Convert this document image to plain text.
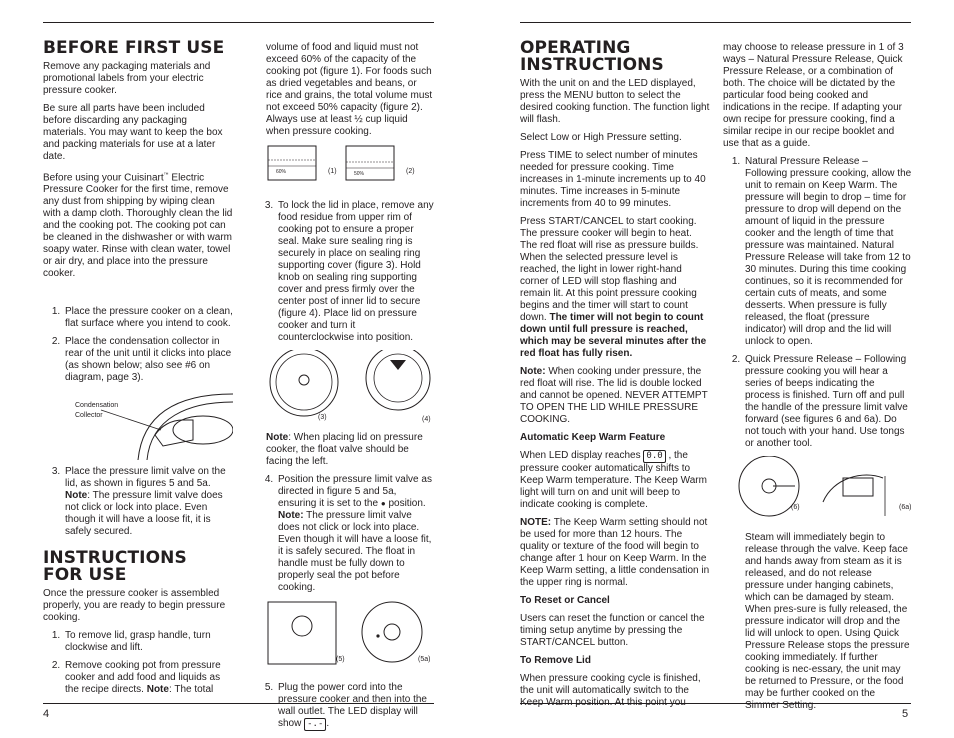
BEFORE FIRST USE

Remove any packaging materials and promotional labels from your electric pressure cooker.

Be sure all parts have been included before discarding any packaging materials. You may want to keep the box and packing materials for use at a later date.

Before using your Cuisinart™ Electric Pressure Cooker for the first time, remove any dust from shipping by wiping clean with a damp cloth. Thoroughly clean the lid and the cooking pot. The cooking pot can be cleaned in the dishwasher or with warm soapy water. Rinse with clean water, towel or air dry, and place into the pressure cooker.

1. Place the pressure cooker on a clean, flat surface where you intend to cook.
2. Place the condensation collector in rear of the unit until it clicks into place (as shown below; also see #6 on diagram, page 3).
Condensation
Collector
3. Place the pressure limit valve on the lid, as shown in figures 5 and 5a. Note: The pressure limit valve does not click or lock into place. Even though it will have a loose fit, it is safely secured.
INSTRUCTIONS
FOR USE

Once the pressure cooker is assembled properly, you are ready to begin pressure cooking.

1. To remove lid, grasp handle, turn clockwise and lift.
2. Remove cooking pot from pressure cooker and add food and liquids as the recipe directs. Note: The total

volume of food and liquid must not exceed 60% of the capacity of the cooking pot (figure 1). For foods such as dried vegetables and beans, or rice and grains, the total volume must not exceed 50% capacity (figure 2). Always use at least ½ cup liquid when pressure cooking.

60%	50%
(1)	(2)
3. To lock the lid in place, remove any food residue from upper rim of cooking pot to ensure a proper seal. Make sure sealing ring is securely in place on sealing ring supporting cover (figure 3). Hold knob on sealing ring supporting cover and press firmly over the center post of inner lid to secure (figure 4). Place lid on pressure cooker and turn it counterclockwise into position.
(3)	(4)

Note: When placing lid on pressure cooker, the float valve should be facing the left.

4. Position the pressure limit valve as directed in figure 5 and 5a, ensuring it is set to the ● position. Note: The pressure limit valve does not click or lock into place. Even though it will have a loose fit, it is safely secured. The float in handle must be fully down to properly seal the pot before cooking.
(5)	(5a)
5. Plug the power cord into the pressure cooker and then into the wall outlet. The LED display will show -.- .
4
OPERATING
INSTRUCTIONS

With the unit on and the LED displayed, press the MENU button to select the desired cooking function. The function light will flash.

Select Low or High Pressure setting.

Press TIME to select number of minutes needed for pressure cooking. Time increases in 1-minute increments up to 40 minutes. Time increases in 5-minute increments from 40 to 99 minutes.

Press START/CANCEL to start cooking. The pressure cooker will begin to heat. The red float will rise as pressure builds. When the selected pressure level is reached, the light in lower right-hand corner of LED will stop flashing and remain lit. At this point pressure cooking begins and the timer will start to count down. The timer will not begin to count down until full pressure is reached, which may be several minutes after the red float has fully risen.

Note: When cooking under pressure, the red float will rise. The lid is double locked and cannot be opened. NEVER ATTEMPT TO OPEN THE LID WHILE PRESSURE COOKING.

Automatic Keep Warm Feature

When LED display reaches 0.0 , the pressure cooker automatically shifts to Keep Warm temperature. The Keep Warm light will turn on and unit will beep to indicate cooking is complete.

NOTE: The Keep Warm setting should not be used for more than 12 hours. The quality or texture of the food will begin to change after 1 hour on Keep Warm. In the Keep Warm setting, a little condensation in the upper ring is normal.

To Reset or Cancel

Users can reset the function or cancel the timing setup anytime by pressing the START/CANCEL button.

To Remove Lid

When pressure cooking cycle is finished, the unit will automatically switch to the Keep Warm position. At this point you

may choose to release pressure in 1 of 3 ways – Natural Pressure Release, Quick Pressure Release, or a combination of both. The choice will be dictated by the particular food being cooked and indications in the recipe. If adapting your own recipe for pressure cooking, find a similar recipe in our recipe booklet and use that as a guide.

1. Natural Pressure Release – Following pressure cooking, allow the unit to remain on Keep Warm. The pressure will begin to drop – time for pressure to drop will depend on the amount of liquid in the pressure cooker and the length of time that pressure was maintained. Natural Pressure Release will take from 12 to 30 minutes. During this time cooking continues, so it is recommended for certain cuts of meats, and some desserts. When pressure is fully released, the float (pressure indicator) will drop and the lid will unlock to open.
2. Quick Pressure Release – Following pressure cooking you will hear a series of beeps indicating the process is finished. Turn off and pull the handle of the pressure limit valve forward (see figures 6 and 6a). Do not touch with your hand. Use tongs or another tool.
(6)	(6a)

Steam will immediately begin to release through the valve. Keep face and hands away from steam as it is released, and do not release pressure under hanging cabinets, which can be damaged by steam. When pres-sure is fully released, the pressure indicator will drop and the lid will unlock to open. Using Quick Pressure Release stops the pressure cooking immediately. If further cooking is nec-essary, the unit may be returned to Pressure, or the food may be further cooked on the Simmer Setting.

5
